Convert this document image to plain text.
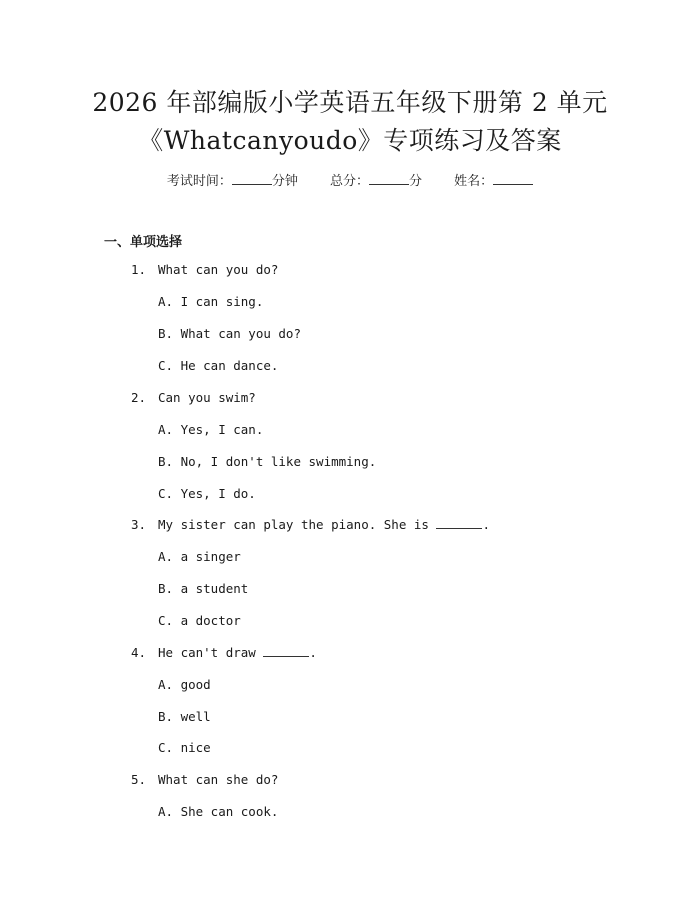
2026 年部编版小学英语五年级下册第 2 单元
《Whatcanyoudo》专项练习及答案
考试时间：	分钟 总分：	分 姓名：
一、单项选择
1. What can you do?
A. I can sing.
B. What can you do?
C. He can dance.
2. Can you swim?
A. Yes, I can.
B. No, I don't like swimming.
C. Yes, I do.
3. My sister can play the piano. She is	.
A. a singer
B. a student
C. a doctor
4. He can't draw	.
A. good
B. well
C. nice
5. What can she do?
A. She can cook.
